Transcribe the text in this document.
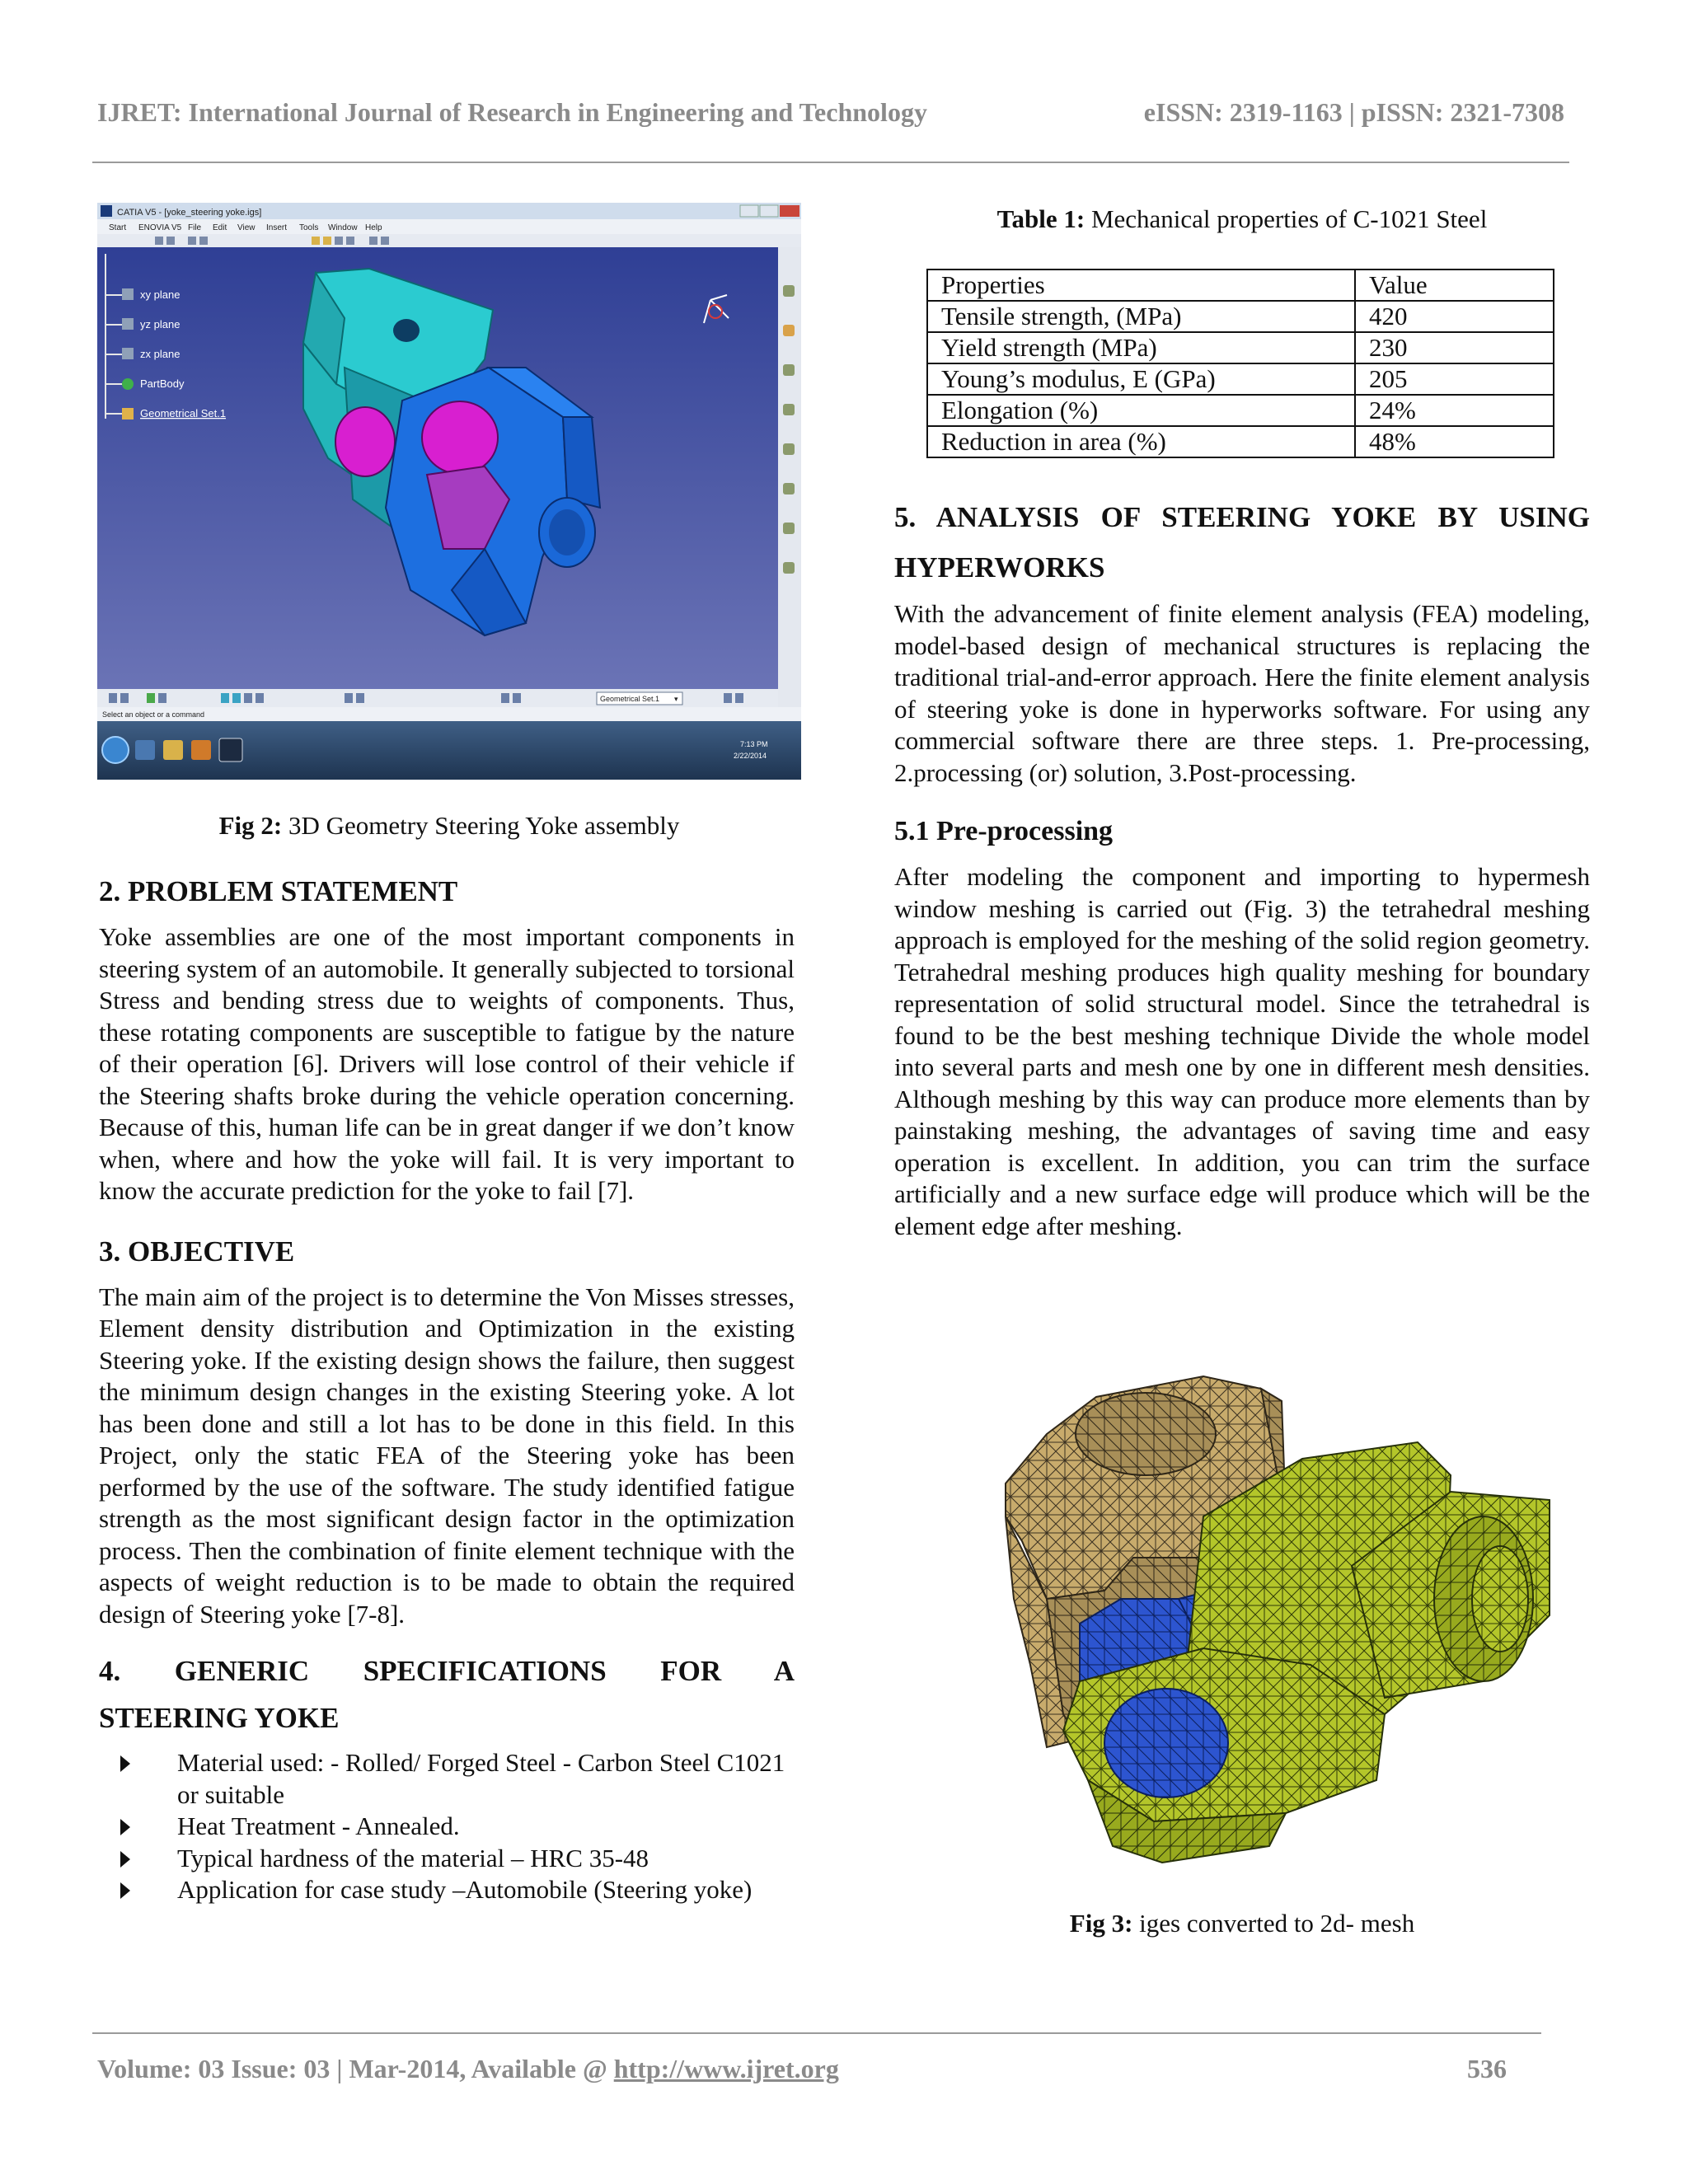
IJRET: International Journal of Research in Engineering and Technology	eISSN: 2319-1163 | pISSN: 2321-7308
CATIA V5 - [yoke_steering yoke.igs]
Start ENOVIA V5 File Edit View Insert Tools Window Help
xy plane
yz plane
zx plane
PartBody
Geometrical Set.1
Geometrical Set.1 ▾
Select an object or a command
7:13 PM
2/22/2014
Fig 2: 3D Geometry Steering Yoke assembly
2. PROBLEM STATEMENT

Yoke assemblies are one of the most important components in steering system of an automobile. It generally subjected to torsional Stress and bending stress due to weights of components. Thus, these rotating components are susceptible to fatigue by the nature of their operation [6]. Drivers will lose control of their vehicle if the Steering shafts broke during the vehicle operation concerning. Because of this, human life can be in great danger if we don’t know when, where and how the yoke will fail. It is very important to know the accurate prediction for the yoke to fail [7].

3. OBJECTIVE

The main aim of the project is to determine the Von Misses stresses, Element density distribution and Optimization in the existing Steering yoke. If the existing design shows the failure, then suggest the minimum design changes in the existing Steering yoke. A lot has been done and still a lot has to be done in this field. In this Project, only the static FEA of the Steering yoke has been performed by the use of the software. The study identified fatigue strength as the most significant design factor in the optimization process. Then the combination of finite element technique with the aspects of weight reduction is to be made to obtain the required design of Steering yoke [7-8].

4. GENERIC SPECIFICATIONS FOR A
STEERING YOKE
Material used: - Rolled/ Forged Steel - Carbon Steel C1021 or suitable
Heat Treatment - Annealed.
Typical hardness of the material – HRC 35-48
Application for case study –Automobile (Steering yoke)
Table 1: Mechanical properties of C-1021 Steel
Properties	Value
Tensile strength, (MPa)	420
Yield strength (MPa)	230
Young’s modulus, E (GPa)	205
Elongation (%)	24%
Reduction in area (%)	48%
5. ANALYSIS OF STEERING YOKE BY USING
HYPERWORKS

With the advancement of finite element analysis (FEA) modeling, model-based design of mechanical structures is replacing the traditional trial-and-error approach. Here the finite element analysis of steering yoke is done in hyperworks software. For using any commercial software there are three steps. 1. Pre-processing, 2.processing (or) solution, 3.Post-processing.

5.1 Pre-processing

After modeling the component and importing to hypermesh window meshing is carried out (Fig. 3) the tetrahedral meshing approach is employed for the meshing of the solid region geometry. Tetrahedral meshing produces high quality meshing for boundary representation of solid structural model. Since the tetrahedral is found to be the best meshing technique Divide the whole model into several parts and mesh one by one in different mesh densities. Although meshing by this way can produce more elements than by painstaking meshing, the advantages of saving time and easy operation is excellent. In addition, you can trim the surface artificially and a new surface edge will produce which will be the element edge after meshing.

Fig 3: iges converted to 2d- mesh
Volume: 03 Issue: 03 | Mar-2014, Available @ http://www.ijret.org	536
